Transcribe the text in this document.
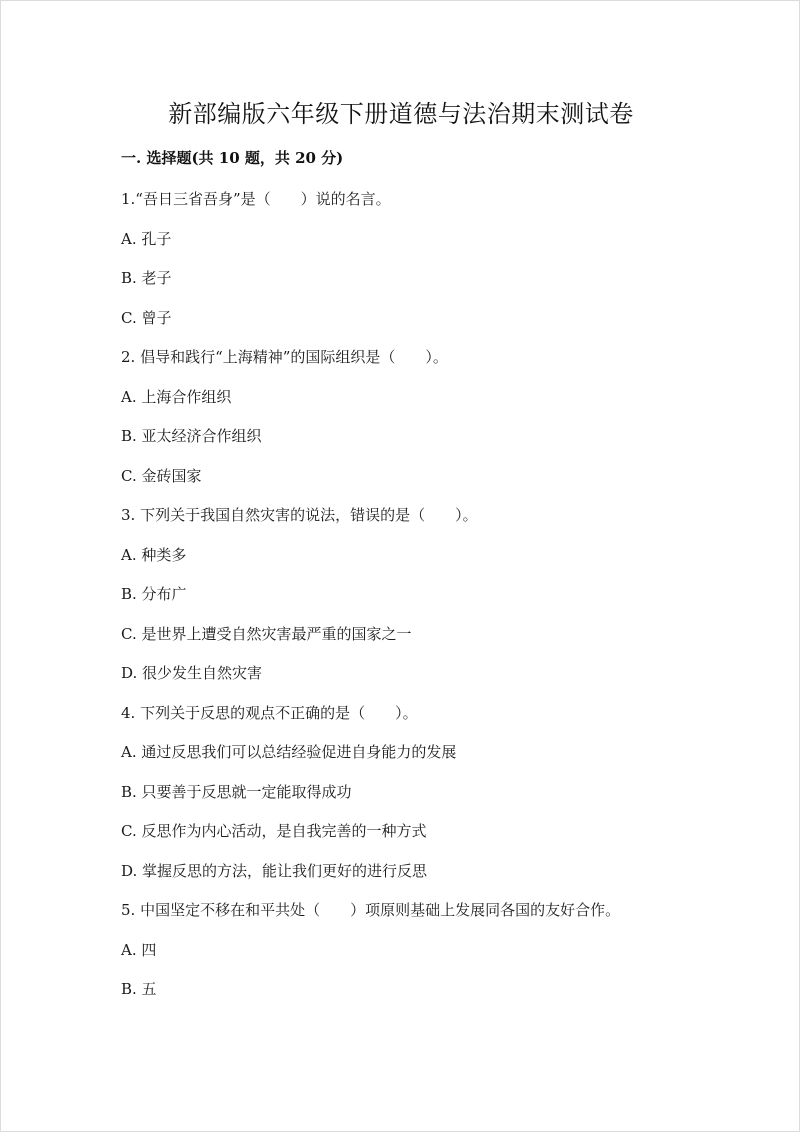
新部编版六年级下册道德与法治期末测试卷
一. 选择题(共 10 题，共 20 分)
1.“吾日三省吾身”是（　　）说的名言。
A. 孔子
B. 老子
C. 曾子
2. 倡导和践行“上海精神”的国际组织是（　　）。
A. 上海合作组织
B. 亚太经济合作组织
C. 金砖国家
3. 下列关于我国自然灾害的说法，错误的是（　　）。
A. 种类多
B. 分布广
C. 是世界上遭受自然灾害最严重的国家之一
D. 很少发生自然灾害
4. 下列关于反思的观点不正确的是（　　）。
A. 通过反思我们可以总结经验促进自身能力的发展
B. 只要善于反思就一定能取得成功
C. 反思作为内心活动，是自我完善的一种方式
D. 掌握反思的方法，能让我们更好的进行反思
5. 中国坚定不移在和平共处（　　）项原则基础上发展同各国的友好合作。
A. 四
B. 五
